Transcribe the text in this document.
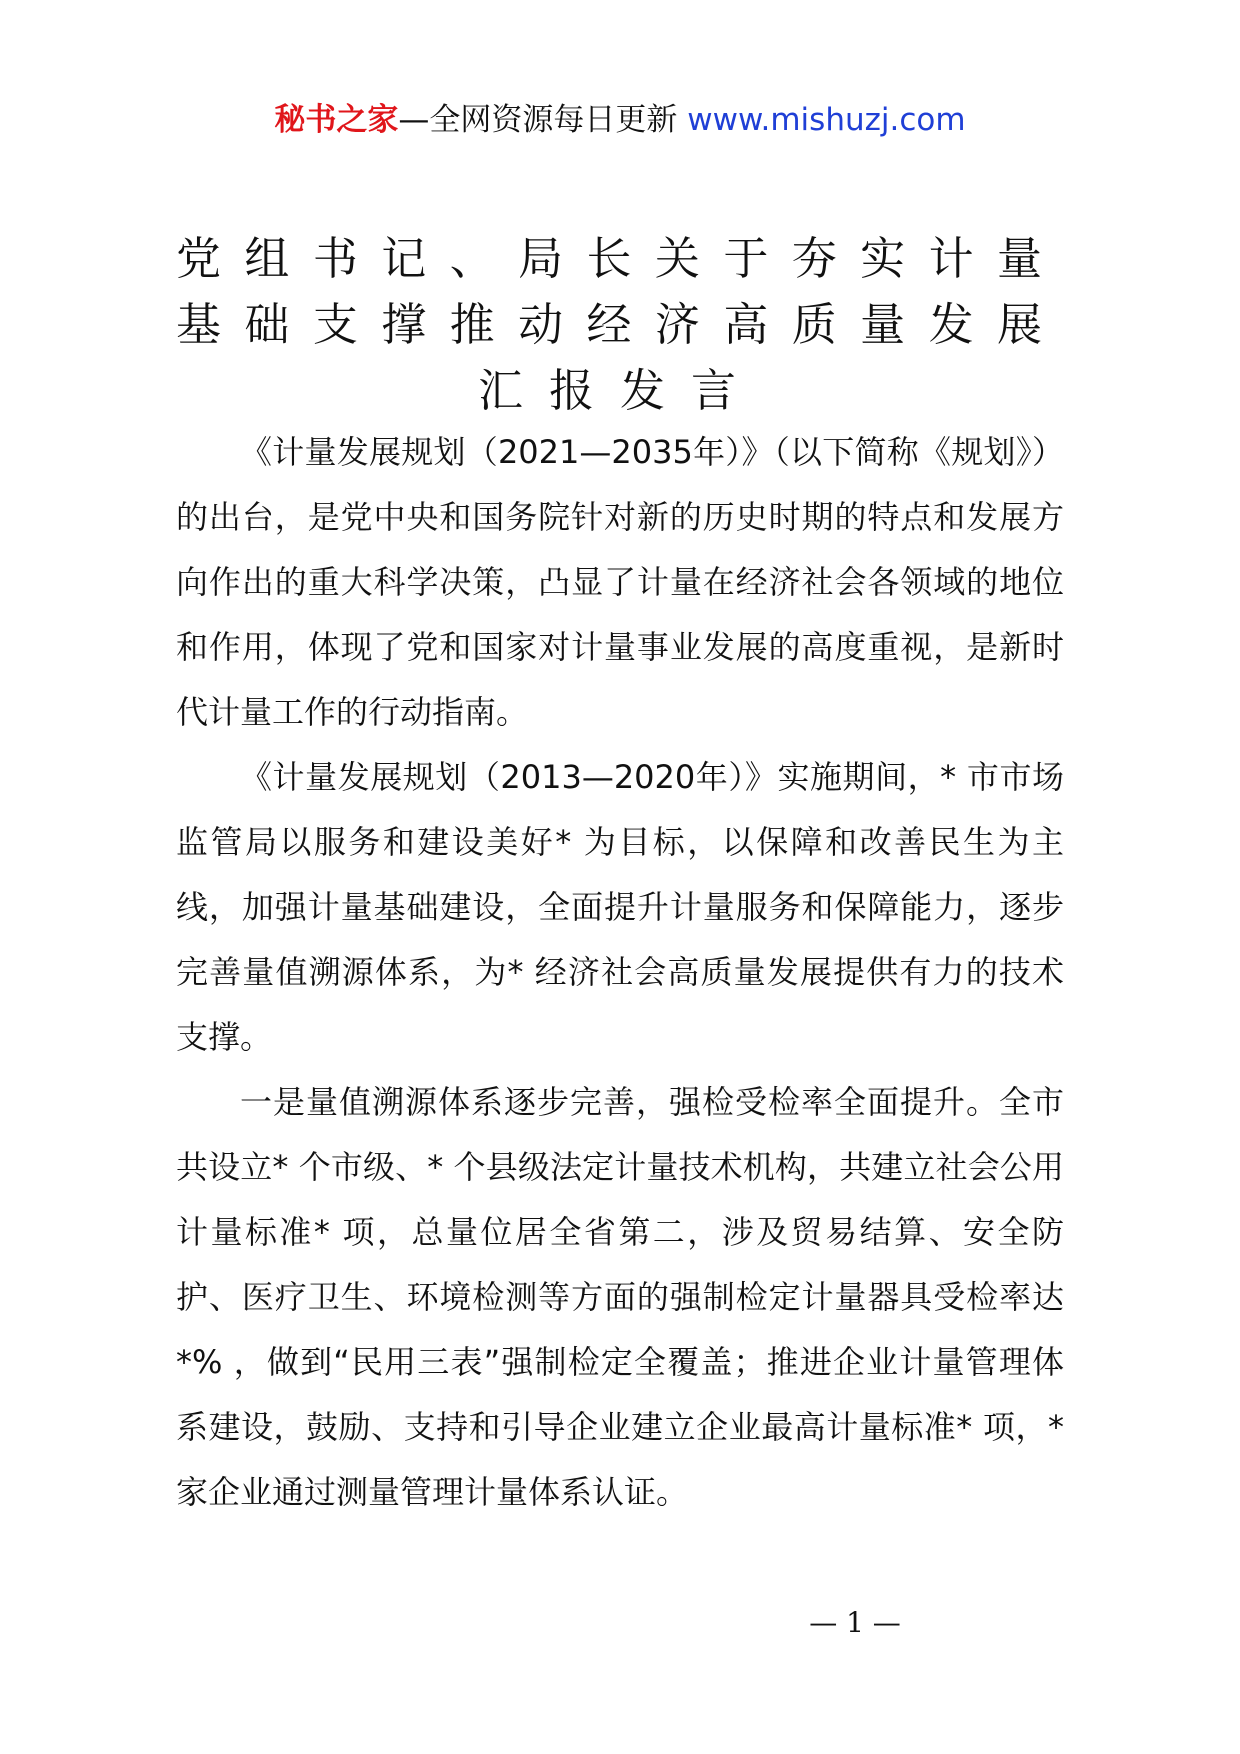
秘书之家—全网资源每日更新 www.mishuzj.com
党组书记、局长关于夯实计量 基础支撑推动经济高质量发展
汇报发言

《计量发展规划（2021—2035年）》（以下简称《规划》）的出台，是党中央和国务院针对新的历史时期的特点和发展方向作出的重大科学决策，凸显了计量在经济社会各领域的地位和作用，体现了党和国家对计量事业发展的高度重视，是新时代计量工作的行动指南。

《计量发展规划（2013—2020年）》实施期间，* 市市场监管局以服务和建设美好* 为目标，以保障和改善民生为主线，加强计量基础建设，全面提升计量服务和保障能力，逐步完善量值溯源体系，为* 经济社会高质量发展提供有力的技术支撑。

一是量值溯源体系逐步完善，强检受检率全面提升。全市共设立* 个市级、* 个县级法定计量技术机构，共建立社会公用计量标准* 项，总量位居全省第二，涉及贸易结算、安全防护、医疗卫生、环境检测等方面的强制检定计量器具受检率达*% ，做到“民用三表”强制检定全覆盖；推进企业计量管理体系建设，鼓励、支持和引导企业建立企业最高计量标准* 项，* 家企业通过测量管理计量体系认证。

— 1 —
